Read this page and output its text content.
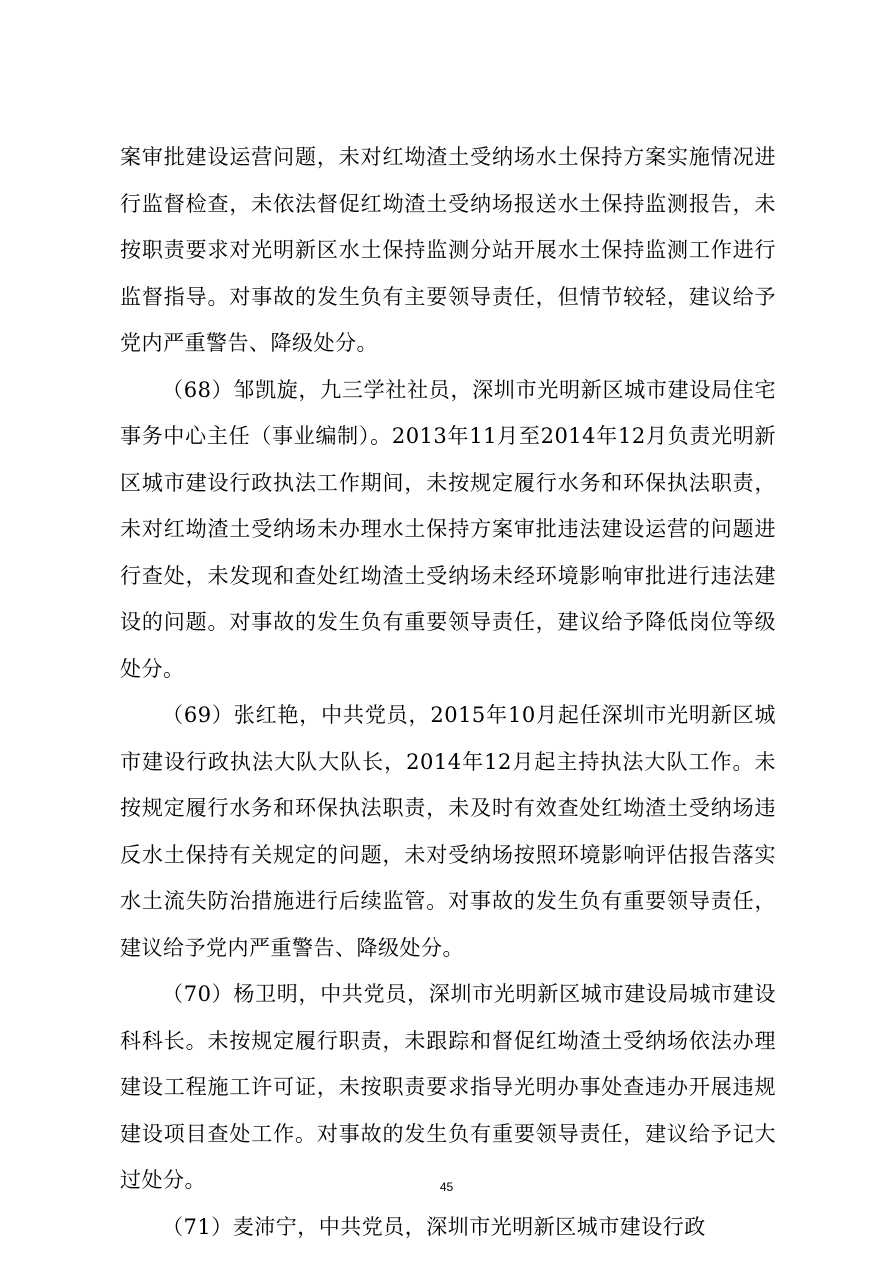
案审批建设运营问题，未对红坳渣土受纳场水土保持方案实施情况进行监督检查，未依法督促红坳渣土受纳场报送水土保持监测报告，未按职责要求对光明新区水土保持监测分站开展水土保持监测工作进行监督指导。对事故的发生负有主要领导责任，但情节较轻，建议给予党内严重警告、降级处分。

（68）邹凯旋，九三学社社员，深圳市光明新区城市建设局住宅事务中心主任（事业编制）。2013年11月至2014年12月负责光明新区城市建设行政执法工作期间，未按规定履行水务和环保执法职责，未对红坳渣土受纳场未办理水土保持方案审批违法建设运营的问题进行查处，未发现和查处红坳渣土受纳场未经环境影响审批进行违法建设的问题。对事故的发生负有重要领导责任，建议给予降低岗位等级处分。

（69）张红艳，中共党员，2015年10月起任深圳市光明新区城市建设行政执法大队大队长，2014年12月起主持执法大队工作。未按规定履行水务和环保执法职责，未及时有效查处红坳渣土受纳场违反水土保持有关规定的问题，未对受纳场按照环境影响评估报告落实水土流失防治措施进行后续监管。对事故的发生负有重要领导责任，建议给予党内严重警告、降级处分。

（70）杨卫明，中共党员，深圳市光明新区城市建设局城市建设科科长。未按规定履行职责，未跟踪和督促红坳渣土受纳场依法办理建设工程施工许可证，未按职责要求指导光明办事处查违办开展违规建设项目查处工作。对事故的发生负有重要领导责任，建议给予记大过处分。

（71）麦沛宁，中共党员，深圳市光明新区城市建设行政

45
